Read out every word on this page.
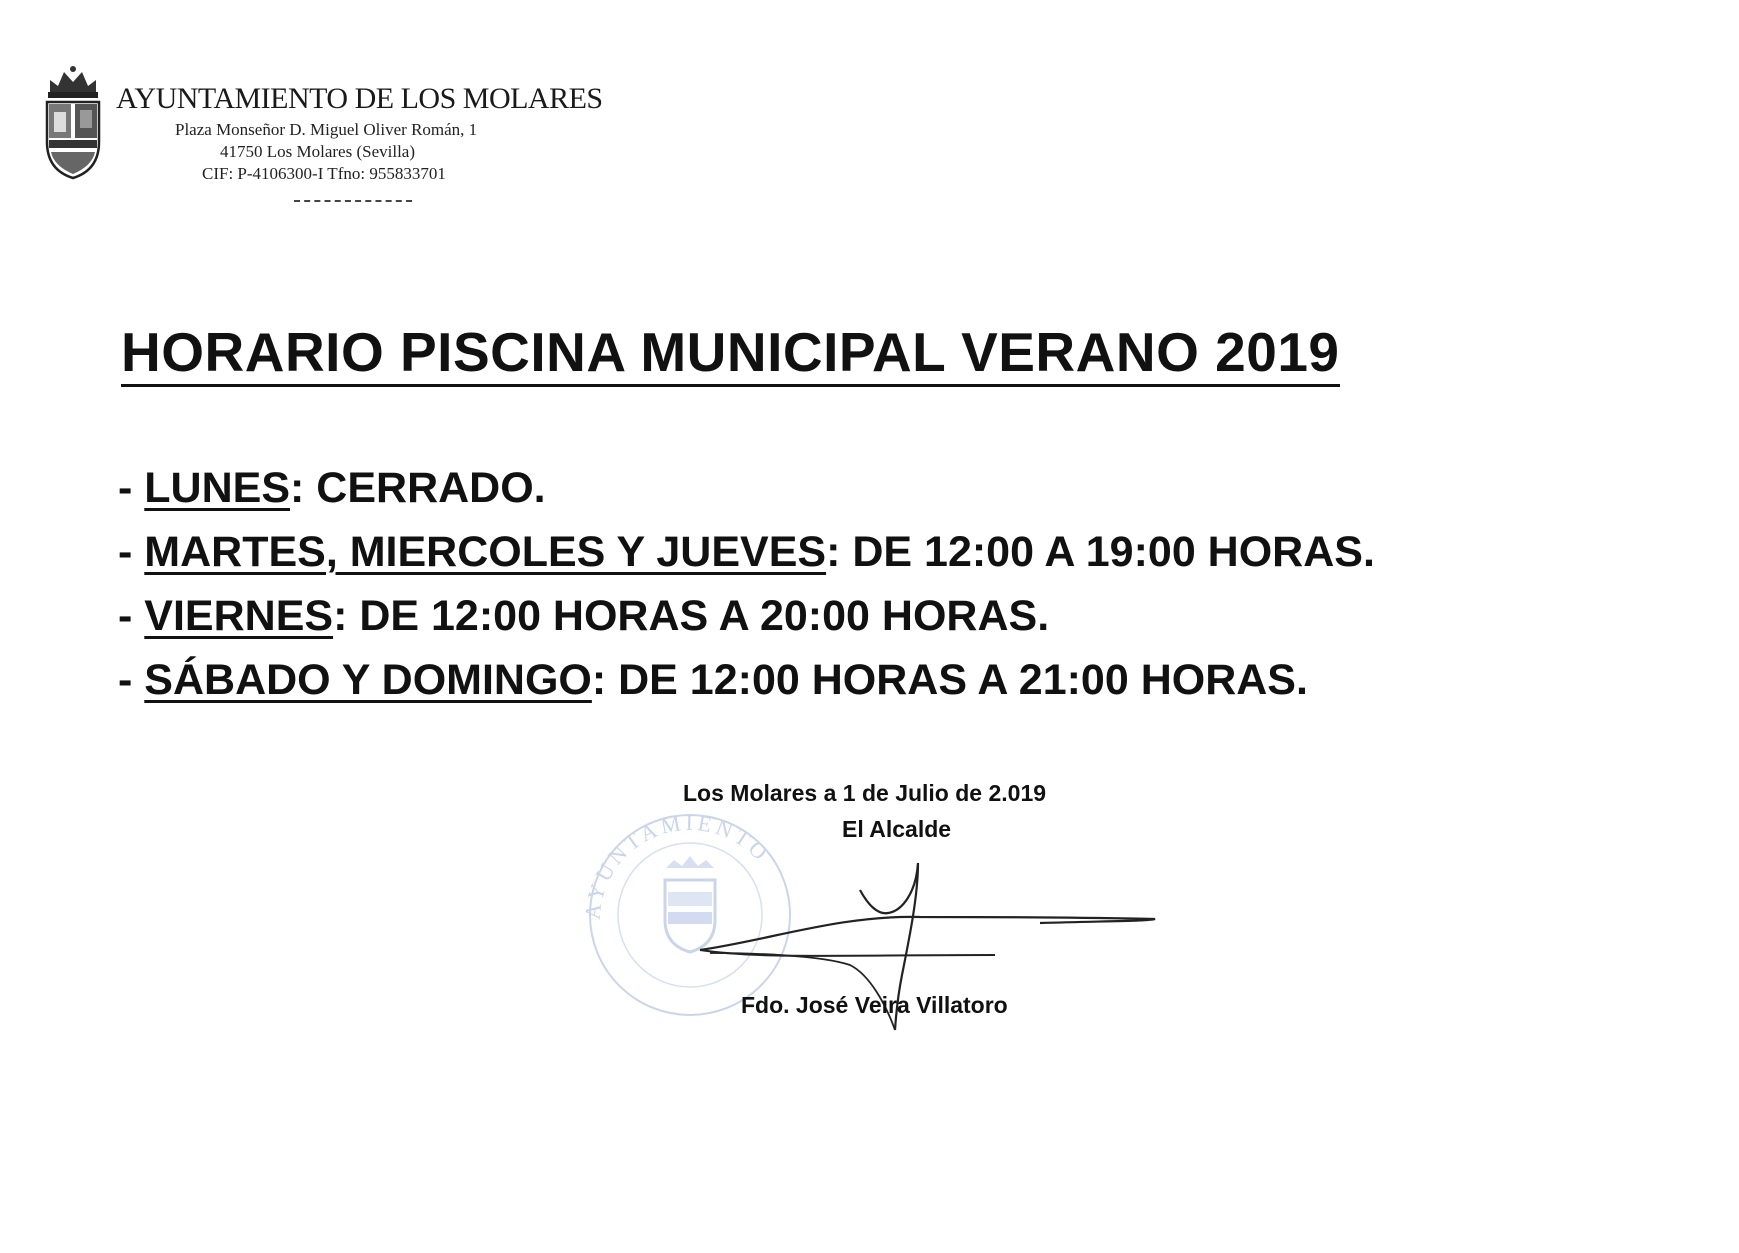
AYUNTAMIENTO DE LOS MOLARES

Plaza Monseñor D. Miguel Oliver Román, 1

41750 Los Molares (Sevilla)

CIF: P-4106300-I Tfno: 955833701

HORARIO PISCINA MUNICIPAL VERANO 2019
- LUNES: CERRADO.
- MARTES, MIERCOLES Y JUEVES: DE 12:00 A 19:00 HORAS.
- VIERNES: DE 12:00 HORAS A 20:00 HORAS.
- SÁBADO Y DOMINGO: DE 12:00 HORAS A 21:00 HORAS.

Los Molares a 1 de Julio de 2.019

El Alcalde

AYUNTAMIENTO

Fdo. José Veira Villatoro
